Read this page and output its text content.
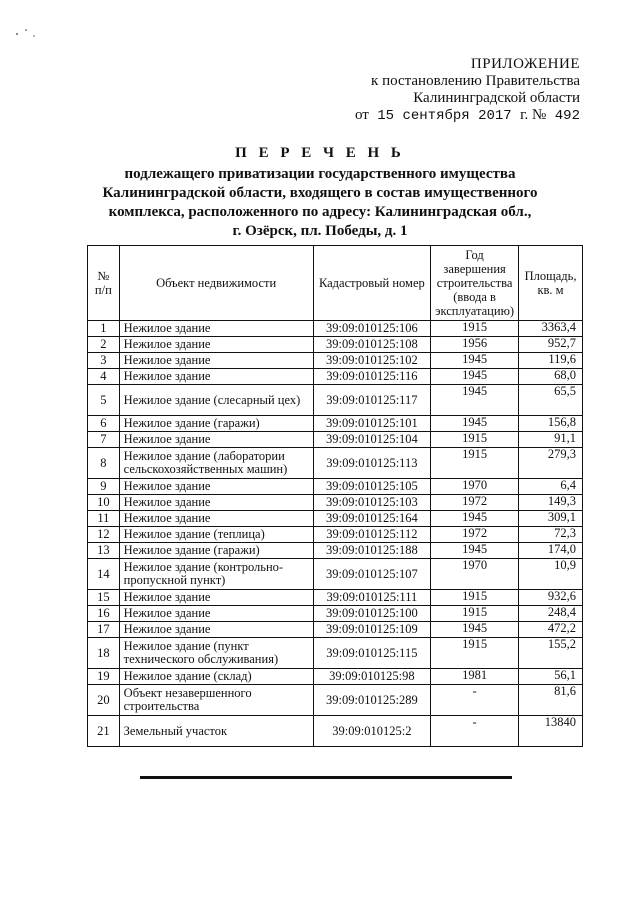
ПРИЛОЖЕНИЕ
к постановлению Правительства
Калининградской области
от 15 сентября 2017 г. № 492
П Е Р Е Ч Е Н Ь
подлежащего приватизации государственного имущества
Калининградской области, входящего в состав имущественного
комплекса, расположенного по адресу: Калининградская обл.,
г. Озёрск, пл. Победы, д. 1
№ п/п	Объект недвижимости	Кадастровый номер	Год завершения строительства (ввода в эксплуатацию)	Площадь, кв. м
1	Нежилое здание	39:09:010125:106	1915	3363,4
2	Нежилое здание	39:09:010125:108	1956	952,7
3	Нежилое здание	39:09:010125:102	1945	119,6
4	Нежилое здание	39:09:010125:116	1945	68,0
5	Нежилое здание (слесарный цех)	39:09:010125:117	1945	65,5
6	Нежилое здание (гаражи)	39:09:010125:101	1945	156,8
7	Нежилое здание	39:09:010125:104	1915	91,1
8	Нежилое здание (лаборатории сельскохозяйственных машин)	39:09:010125:113	1915	279,3
9	Нежилое здание	39:09:010125:105	1970	6,4
10	Нежилое здание	39:09:010125:103	1972	149,3
11	Нежилое здание	39:09:010125:164	1945	309,1
12	Нежилое здание (теплица)	39:09:010125:112	1972	72,3
13	Нежилое здание (гаражи)	39:09:010125:188	1945	174,0
14	Нежилое здание (контрольно-пропускной пункт)	39:09:010125:107	1970	10,9
15	Нежилое здание	39:09:010125:111	1915	932,6
16	Нежилое здание	39:09:010125:100	1915	248,4
17	Нежилое здание	39:09:010125:109	1945	472,2
18	Нежилое здание (пункт технического обслуживания)	39:09:010125:115	1915	155,2
19	Нежилое здание (склад)	39:09:010125:98	1981	56,1
20	Объект незавершенного строительства	39:09:010125:289	-	81,6
21	Земельный участок	39:09:010125:2	-	13840
